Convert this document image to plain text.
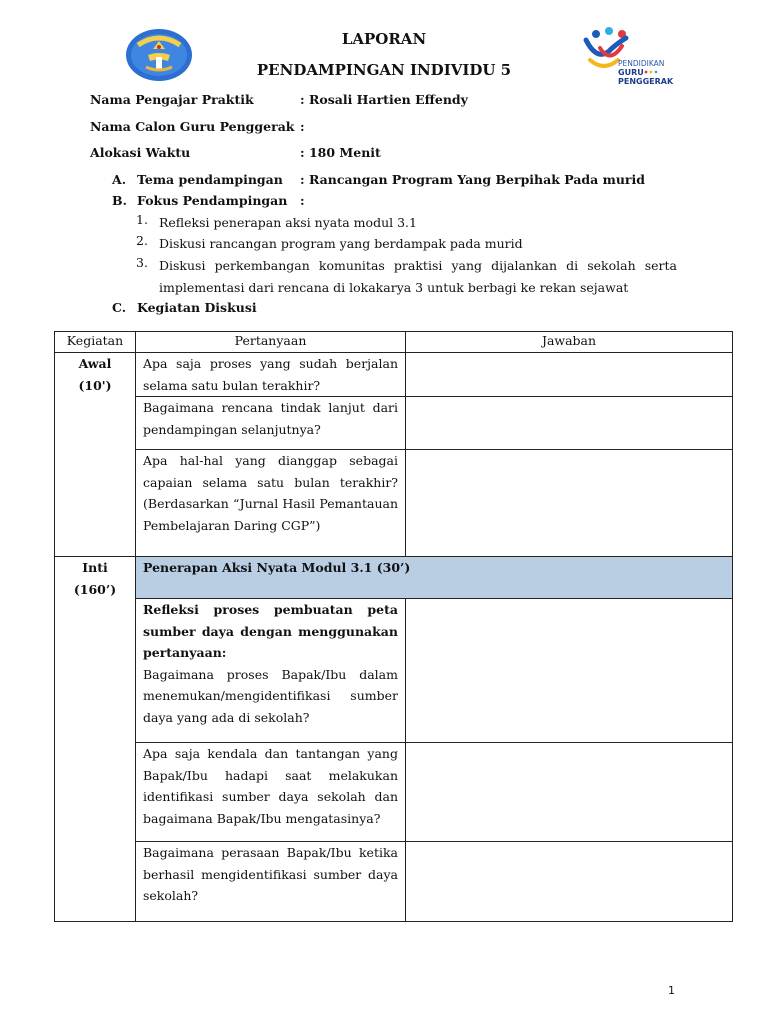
PENDIDIKAN
GURU
PENGGERAK
LAPORAN
PENDAMPINGAN INDIVIDU 5
Nama Pengajar Praktik	: Rosali Hartien Effendy
Nama Calon Guru Penggerak :
Alokasi Waktu	: 180 Menit
A. Tema pendampingan : Rancangan Program Yang Berpihak Pada murid
B. Fokus Pendampingan :
1. Refleksi penerapan aksi nyata modul 3.1
2. Diskusi rancangan program yang berdampak pada murid
3. Diskusi perkembangan komunitas praktisi yang dijalankan di sekolah serta implementasi dari rencana di lokakarya 3 untuk berbagi ke rekan sejawat
C. Kegiatan Diskusi
Kegiatan	Pertanyaan	Jawaban

Awal
(10')	Apa saja proses yang sudah berjalan selama satu bulan terakhir?	
	Bagaimana rencana tindak lanjut dari pendampingan selanjutnya?	
	Apa hal-hal yang dianggap sebagai capaian selama satu bulan terakhir? (Berdasarkan “Jurnal Hasil Pemantauan Pembelajaran Daring CGP”)	

Inti
(160’)	Penerapan Aksi Nyata Modul 3.1 (30’)	

	Refleksi proses pembuatan peta sumber daya dengan menggunakan pertanyaan:
Bagaimana proses Bapak/Ibu dalam menemukan/mengidentifikasi sumber daya yang ada di sekolah?	

	Apa saja kendala dan tantangan yang Bapak/Ibu hadapi saat melakukan identifikasi sumber daya sekolah dan bagaimana Bapak/Ibu mengatasinya?	
	Bagaimana perasaan Bapak/Ibu ketika berhasil mengidentifikasi sumber daya sekolah?	
1
